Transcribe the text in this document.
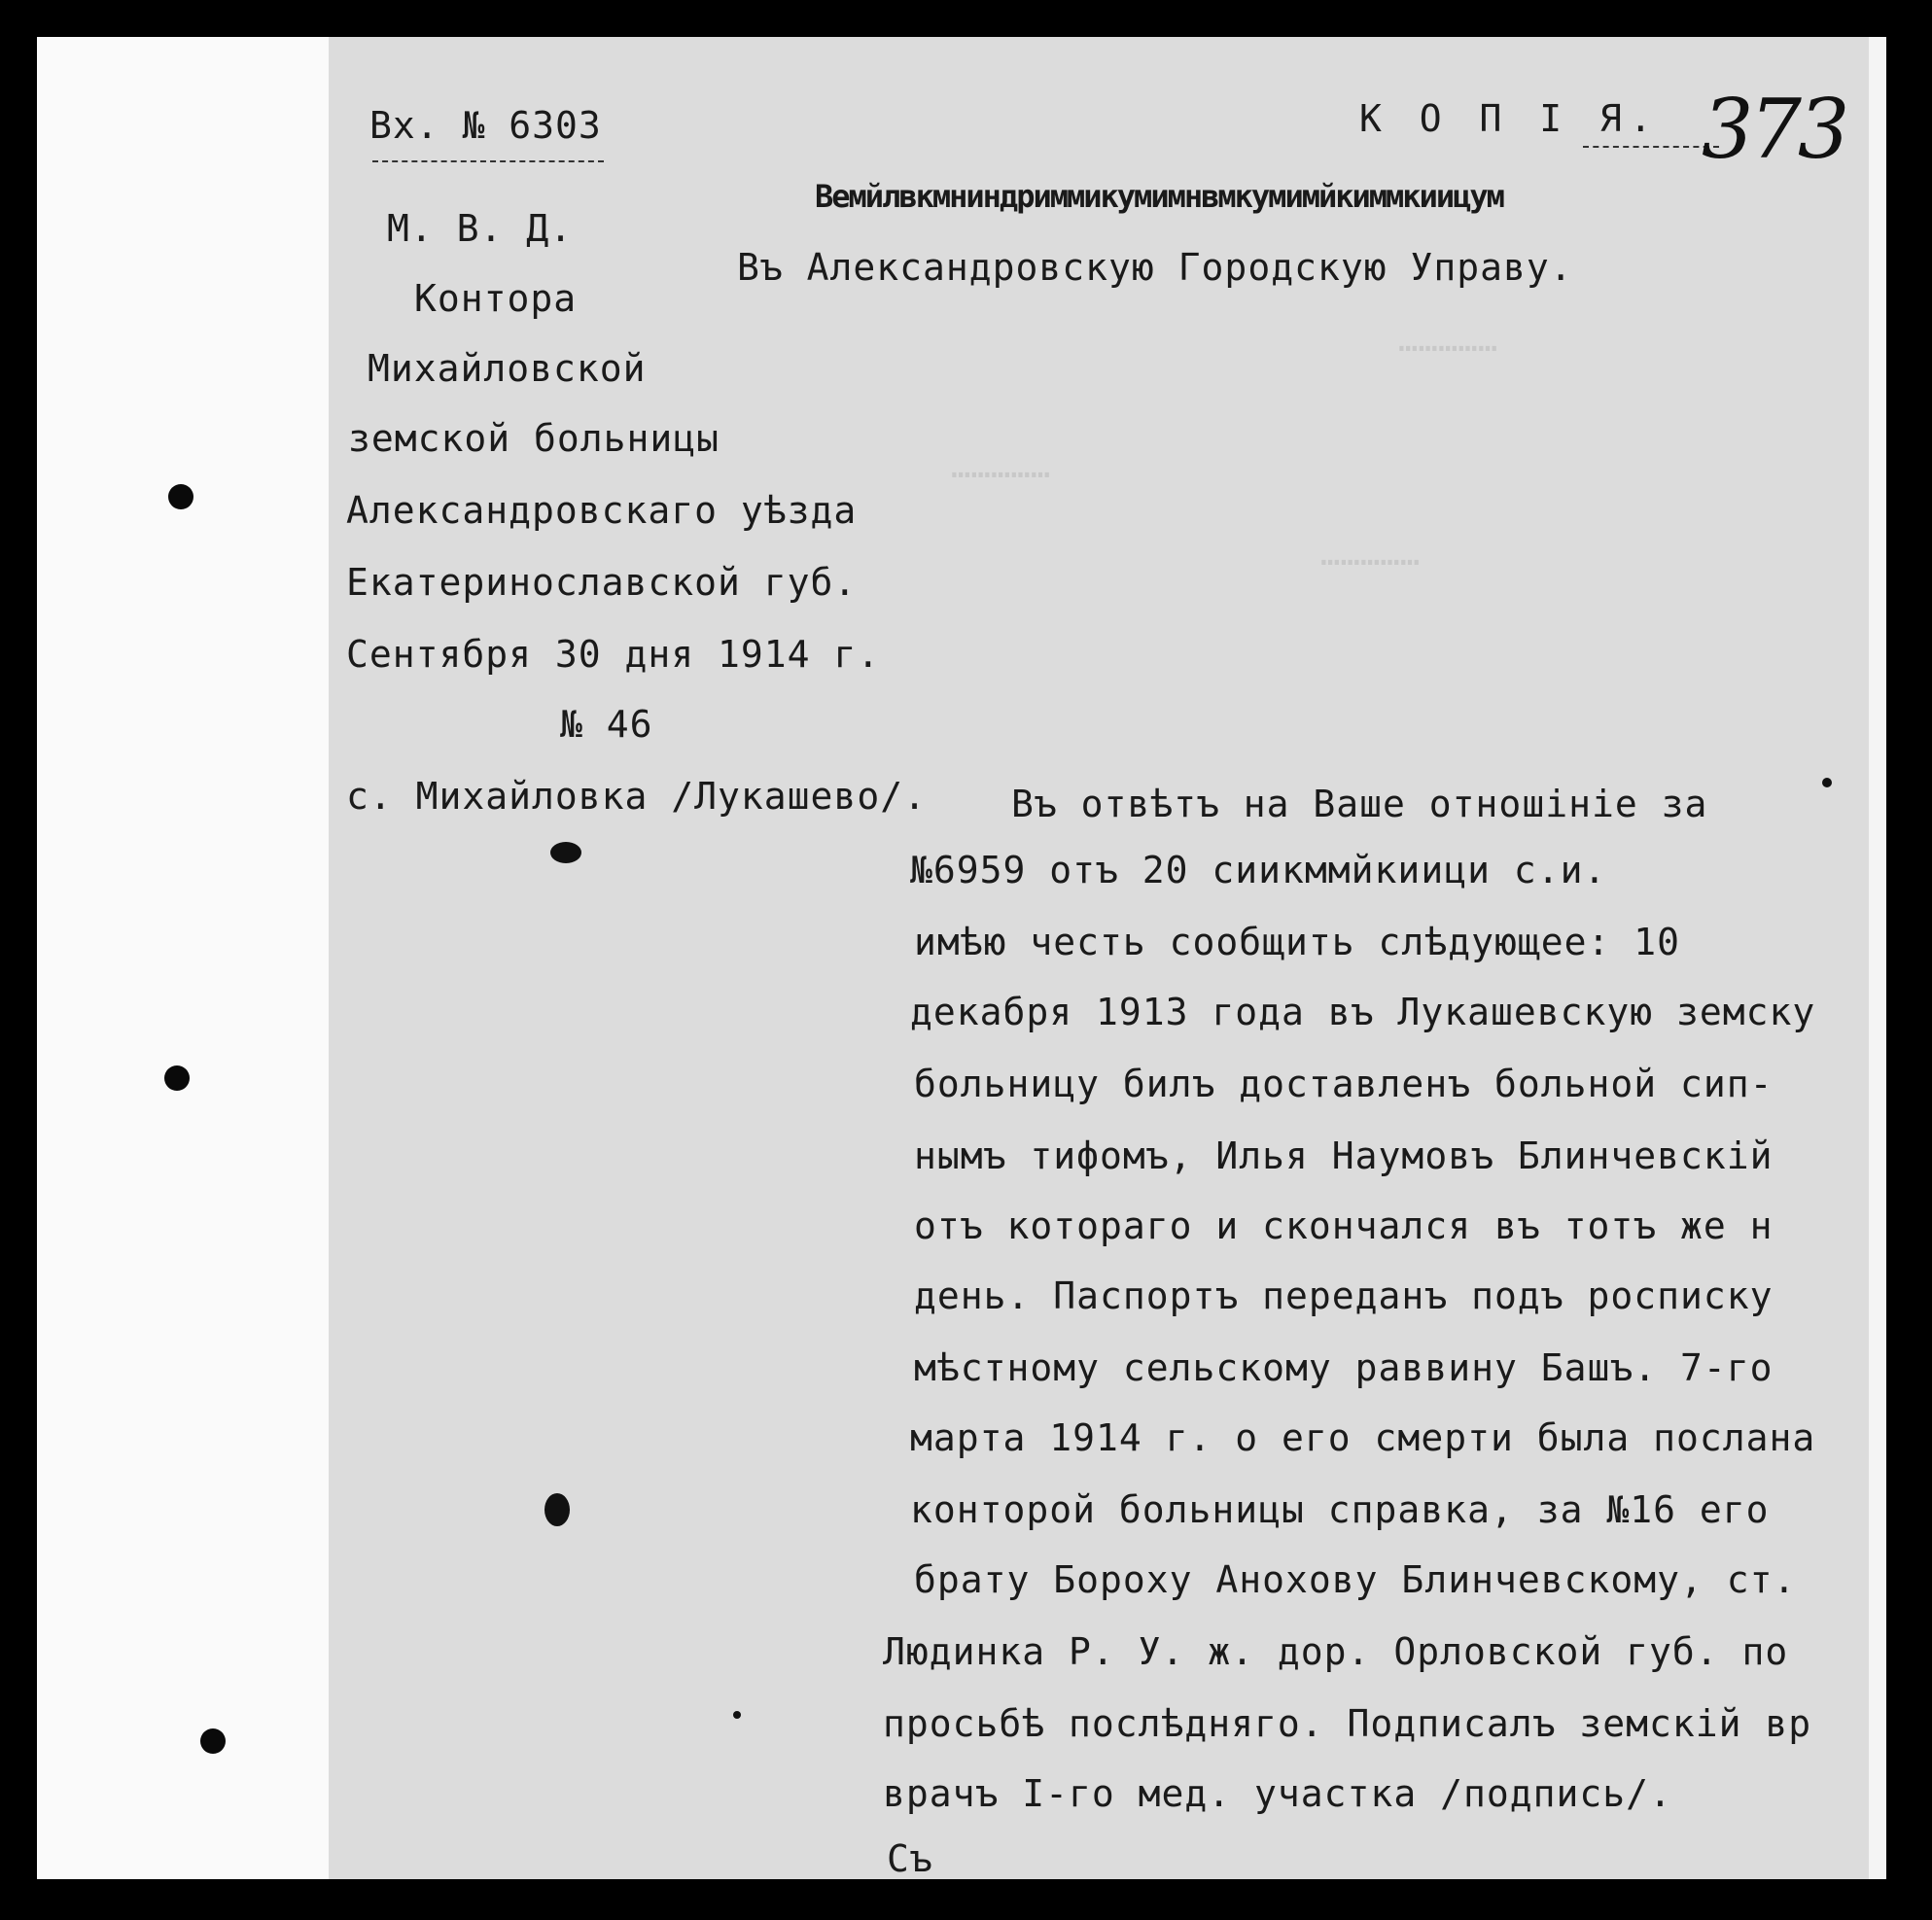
⋯⋯⋯⋯⋯
⋯⋯⋯⋯⋯
⋯⋯⋯⋯⋯
Вх. № 6303	К О П І Я. 373
Вемйлвкмниндриммикумимнвмкумимйкиммкиицум
Въ Александровскую Городскую Управу.
М. В. Д.
Контора
Михайловской
земской больницы
Александровскаго уѣзда
Екатеринославской губ.
Сентября 30 дня 1914 г.
№ 46
с. Михайловка /Лукашево/. Въ отвѣтъ на Ваше отношiніе за
№6959 отъ 20 сиикммйкиици с.и.
имѣю честь сообщить слѣдующее: 10
декабря 1913 года въ Лукашевскую земску
больницу билъ доставленъ больной сип-
нымъ тифомъ, Илья Наумовъ Блинчевскій
отъ котораго и скончался въ тотъ же н
день. Паспортъ переданъ подъ росписку
мѣстному сельскому раввину Башъ. 7-го
марта 1914 г. о его смерти была послана
конторой больницы справка, за №16 его
брату Бороху Анохову Блинчевскому, ст.
Людинка Р. У. ж. дор. Орловской губ. по
просьбѣ послѣдняго. Подписалъ земскій вр
врачъ I-го мед. участка /подпись/.
Съ
